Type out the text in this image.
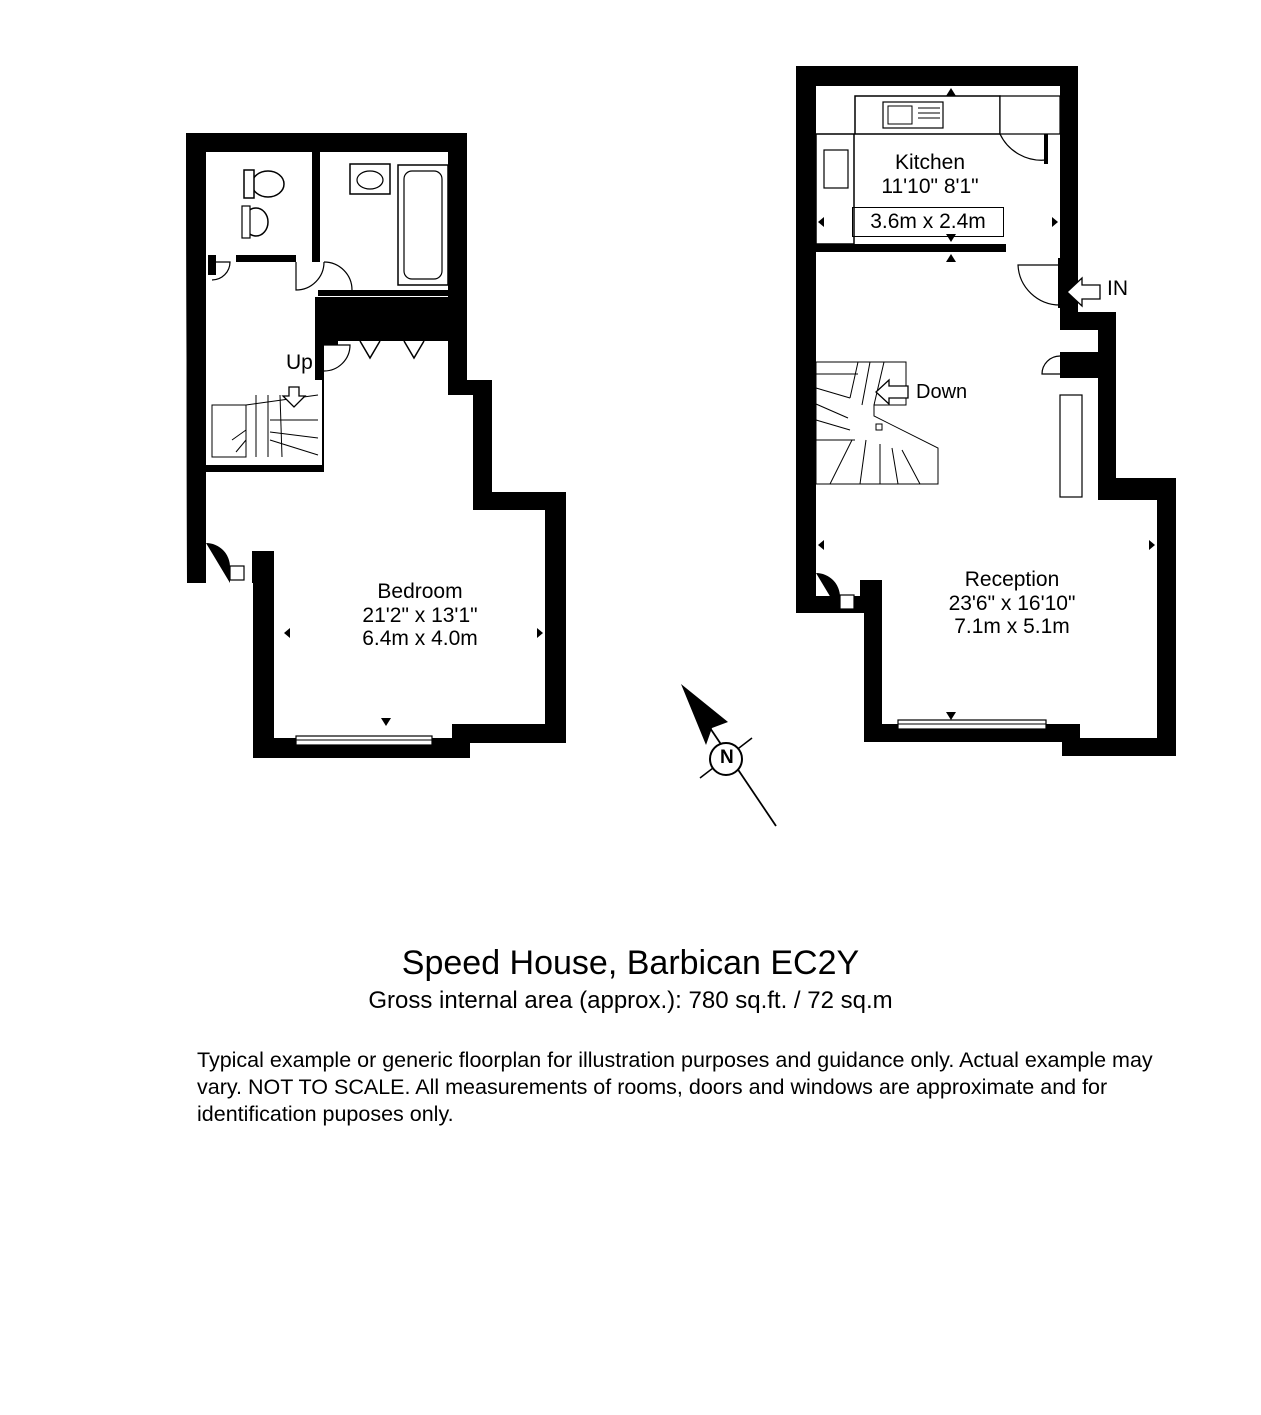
N
Up
Bedroom
21'2" x 13'1"
6.4m x 4.0m
Kitchen
11'10" 8'1"
3.6m x 2.4m
IN
Down
Reception
23'6" x 16'10"
7.1m x 5.1m
Speed House, Barbican EC2Y
Gross internal area (approx.): 780 sq.ft. / 72 sq.m
Typical example or generic floorplan for illustration purposes and guidance only. Actual example may vary. NOT TO SCALE. All measurements of rooms, doors and windows are approximate and for identification puposes only.
